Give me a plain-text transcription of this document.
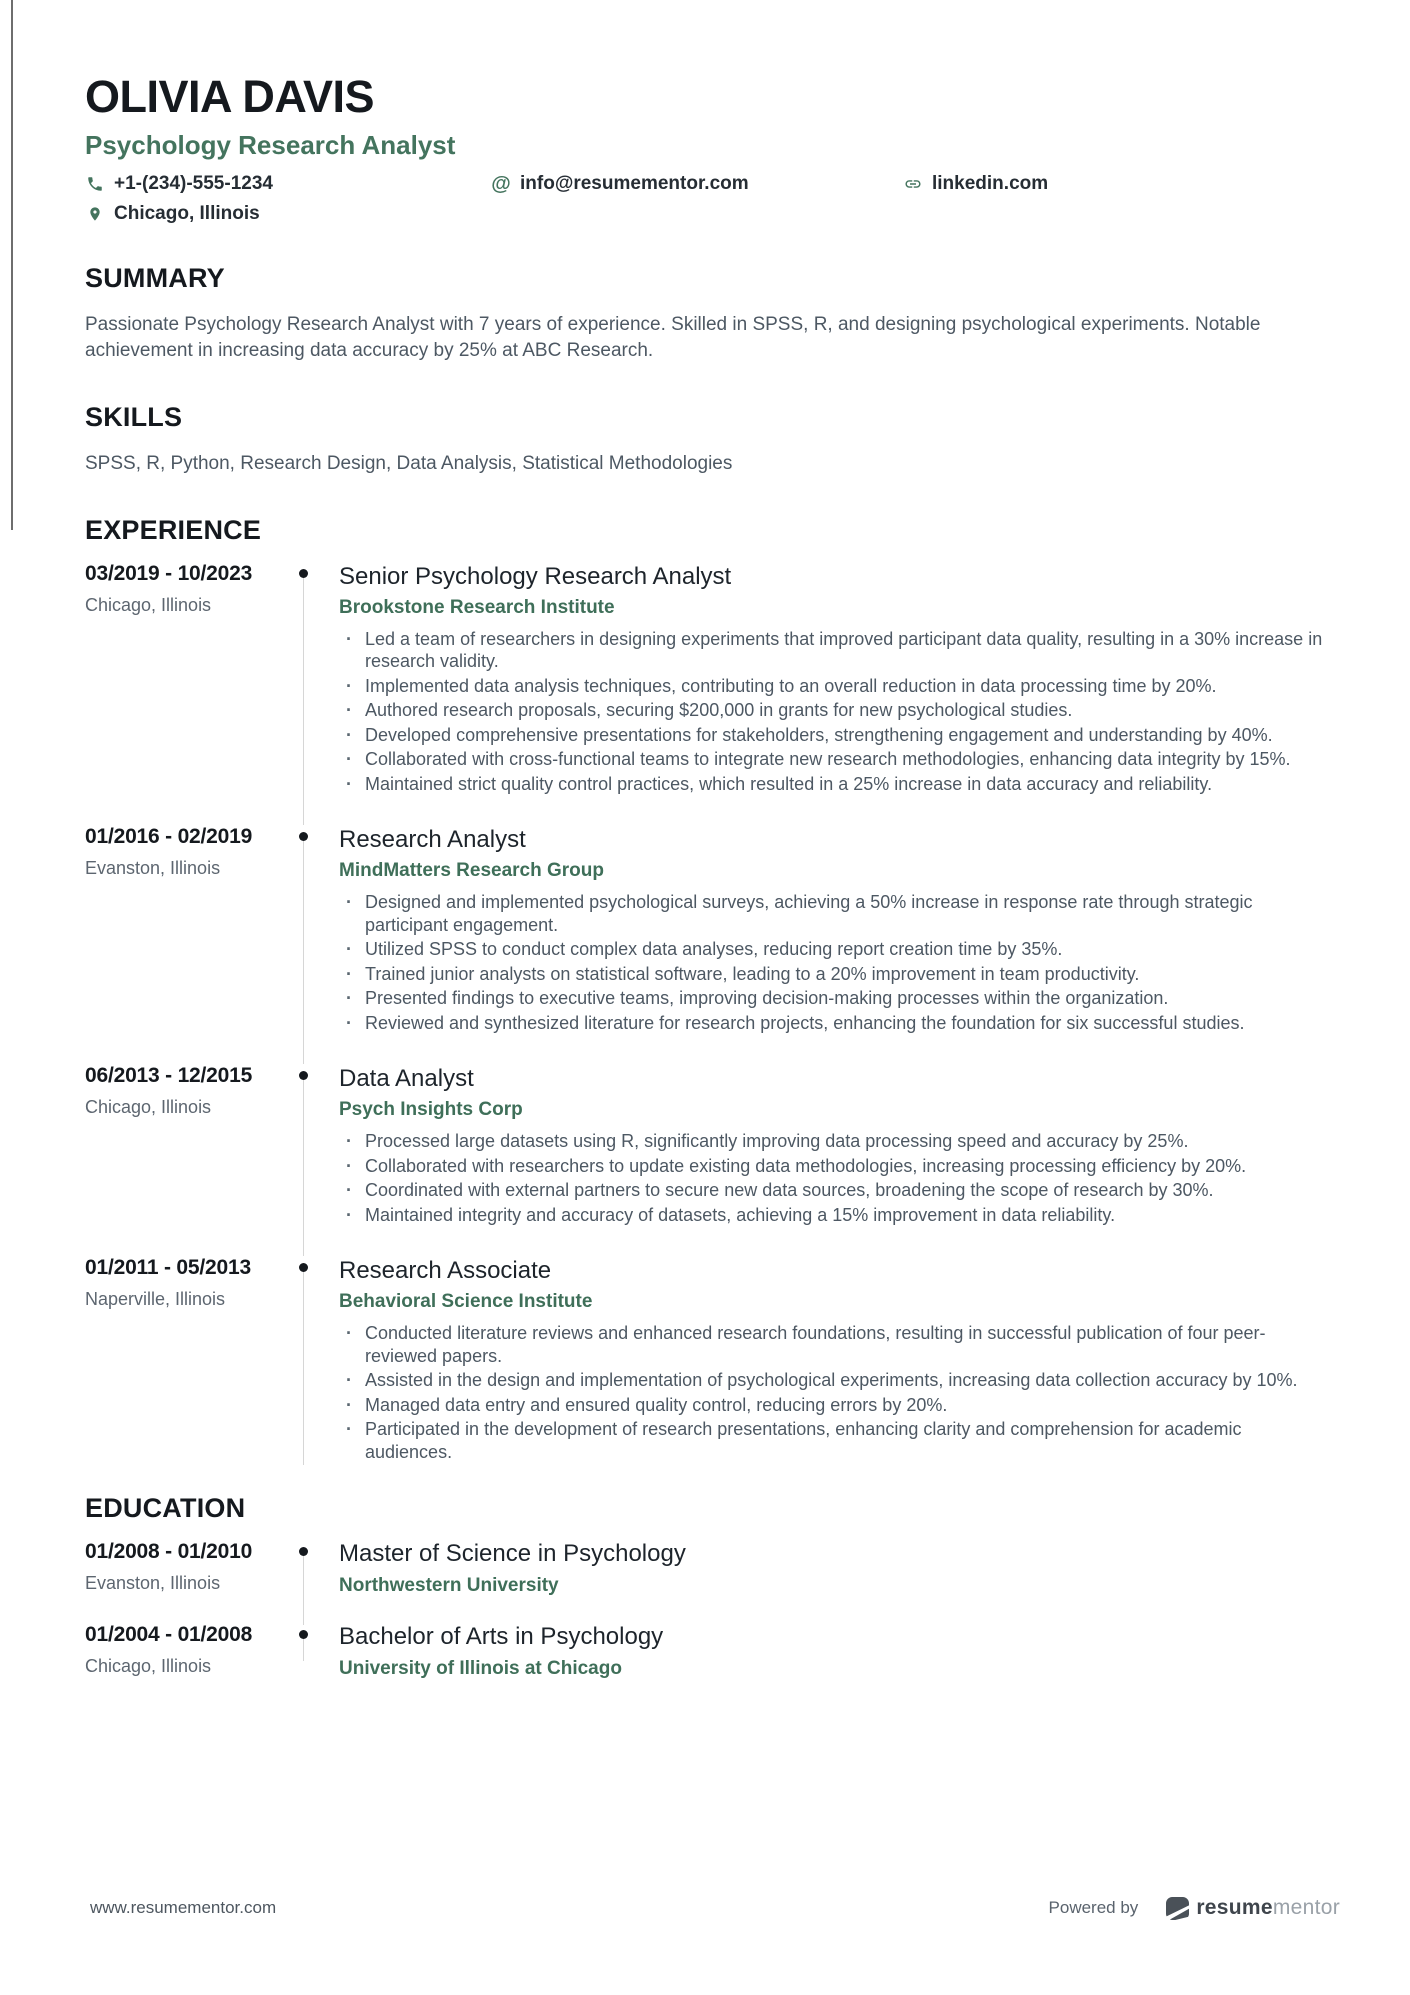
OLIVIA DAVIS
Psychology Research Analyst
+1-(234)-555-1234	@ info@resumementor.com	linkedin.com
Chicago, Illinois
SUMMARY
Passionate Psychology Research Analyst with 7 years of experience. Skilled in SPSS, R, and designing psychological experiments. Notable achievement in increasing data accuracy by 25% at ABC Research.
SKILLS
SPSS, R, Python, Research Design, Data Analysis, Statistical Methodologies
EXPERIENCE
03/2019 - 10/2023
Chicago, Illinois
Senior Psychology Research Analyst
Brookstone Research Institute
· Led a team of researchers in designing experiments that improved participant data quality, resulting in a 30% increase in research validity.
· Implemented data analysis techniques, contributing to an overall reduction in data processing time by 20%.
· Authored research proposals, securing $200,000 in grants for new psychological studies.
· Developed comprehensive presentations for stakeholders, strengthening engagement and understanding by 40%.
· Collaborated with cross-functional teams to integrate new research methodologies, enhancing data integrity by 15%.
· Maintained strict quality control practices, which resulted in a 25% increase in data accuracy and reliability.
01/2016 - 02/2019
Evanston, Illinois
Research Analyst
MindMatters Research Group
· Designed and implemented psychological surveys, achieving a 50% increase in response rate through strategic participant engagement.
· Utilized SPSS to conduct complex data analyses, reducing report creation time by 35%.
· Trained junior analysts on statistical software, leading to a 20% improvement in team productivity.
· Presented findings to executive teams, improving decision-making processes within the organization.
· Reviewed and synthesized literature for research projects, enhancing the foundation for six successful studies.
06/2013 - 12/2015
Chicago, Illinois
Data Analyst
Psych Insights Corp
· Processed large datasets using R, significantly improving data processing speed and accuracy by 25%.
· Collaborated with researchers to update existing data methodologies, increasing processing efficiency by 20%.
· Coordinated with external partners to secure new data sources, broadening the scope of research by 30%.
· Maintained integrity and accuracy of datasets, achieving a 15% improvement in data reliability.
01/2011 - 05/2013
Naperville, Illinois
Research Associate
Behavioral Science Institute
· Conducted literature reviews and enhanced research foundations, resulting in successful publication of four peer-reviewed papers.
· Assisted in the design and implementation of psychological experiments, increasing data collection accuracy by 10%.
· Managed data entry and ensured quality control, reducing errors by 20%.
· Participated in the development of research presentations, enhancing clarity and comprehension for academic audiences.
EDUCATION
01/2008 - 01/2010
Evanston, Illinois
Master of Science in Psychology
Northwestern University
01/2004 - 01/2008
Chicago, Illinois
Bachelor of Arts in Psychology
University of Illinois at Chicago
www.resumementor.com	Powered by	resumementor
